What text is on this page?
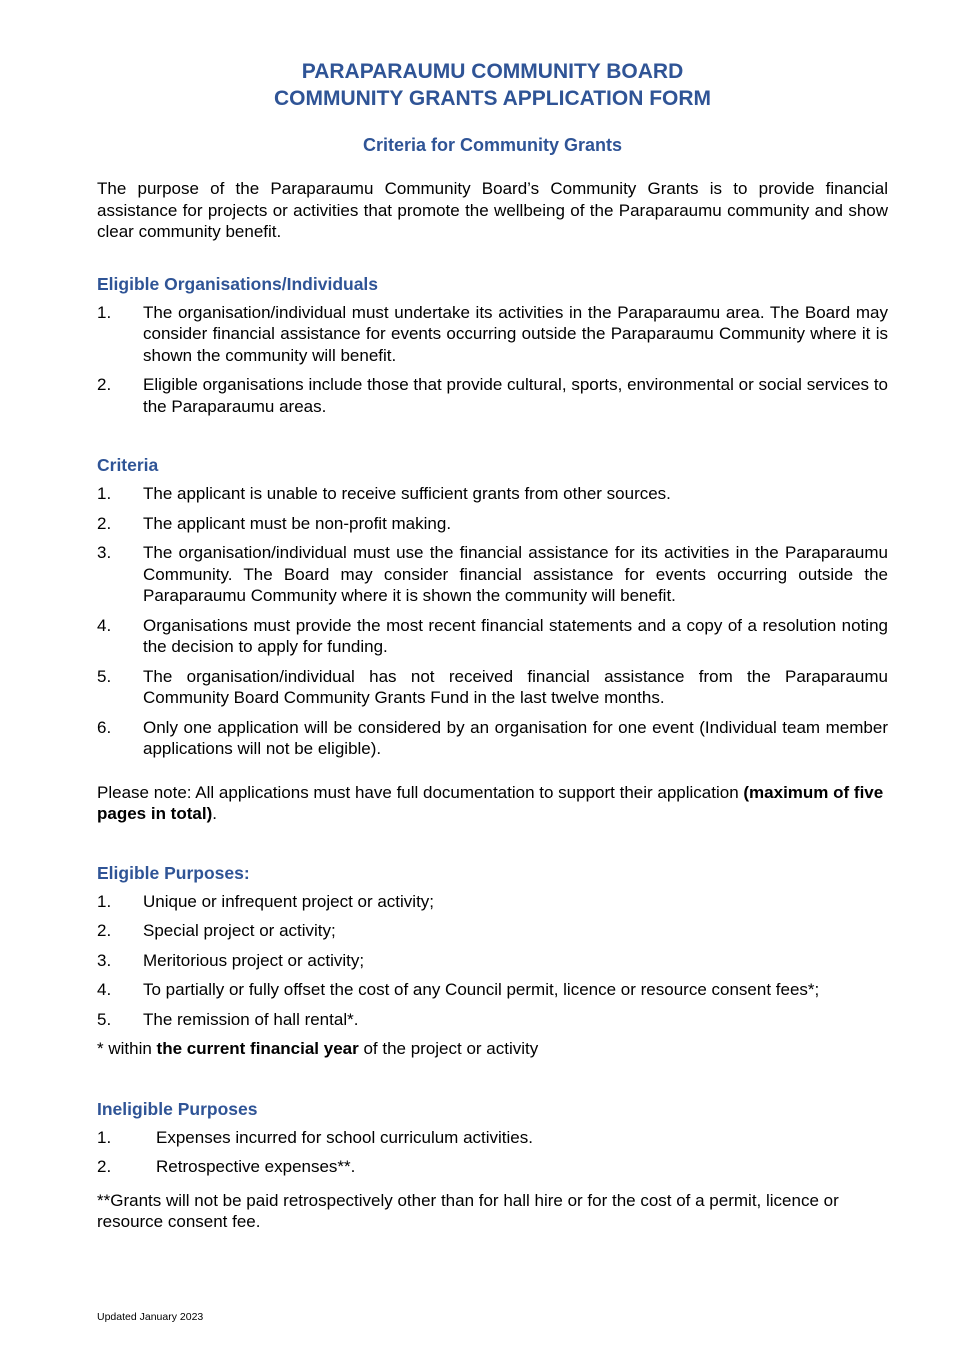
PARAPARAUMU COMMUNITY BOARD
COMMUNITY GRANTS APPLICATION FORM
Criteria for Community Grants

The purpose of the Paraparaumu Community Board’s Community Grants is to provide financial assistance for projects or activities that promote the wellbeing of the Paraparaumu community and show clear community benefit.

Eligible Organisations/Individuals
1.	The organisation/individual must undertake its activities in the Paraparaumu area. The Board may consider financial assistance for events occurring outside the Paraparaumu Community where it is shown the community will benefit.
2.	Eligible organisations include those that provide cultural, sports, environmental or social services to the Paraparaumu areas.
Criteria
1.	The applicant is unable to receive sufficient grants from other sources.
2.	The applicant must be non-profit making.
3.	The organisation/individual must use the financial assistance for its activities in the Paraparaumu Community. The Board may consider financial assistance for events occurring outside the Paraparaumu Community where it is shown the community will benefit.
4.	Organisations must provide the most recent financial statements and a copy of a resolution noting the decision to apply for funding.
5.	The organisation/individual has not received financial assistance from the Paraparaumu Community Board Community Grants Fund in the last twelve months.
6.	Only one application will be considered by an organisation for one event (Individual team member applications will not be eligible).

Please note: All applications must have full documentation to support their application (maximum of five pages in total).

Eligible Purposes:
1.	Unique or infrequent project or activity;
2.	Special project or activity;
3.	Meritorious project or activity;
4.	To partially or fully offset the cost of any Council permit, licence or resource consent fees*;
5.	The remission of hall rental*.

* within the current financial year of the project or activity

Ineligible Purposes
1.	Expenses incurred for school curriculum activities.
2.	Retrospective expenses**.

**Grants will not be paid retrospectively other than for hall hire or for the cost of a permit, licence or resource consent fee.

Updated January 2023
